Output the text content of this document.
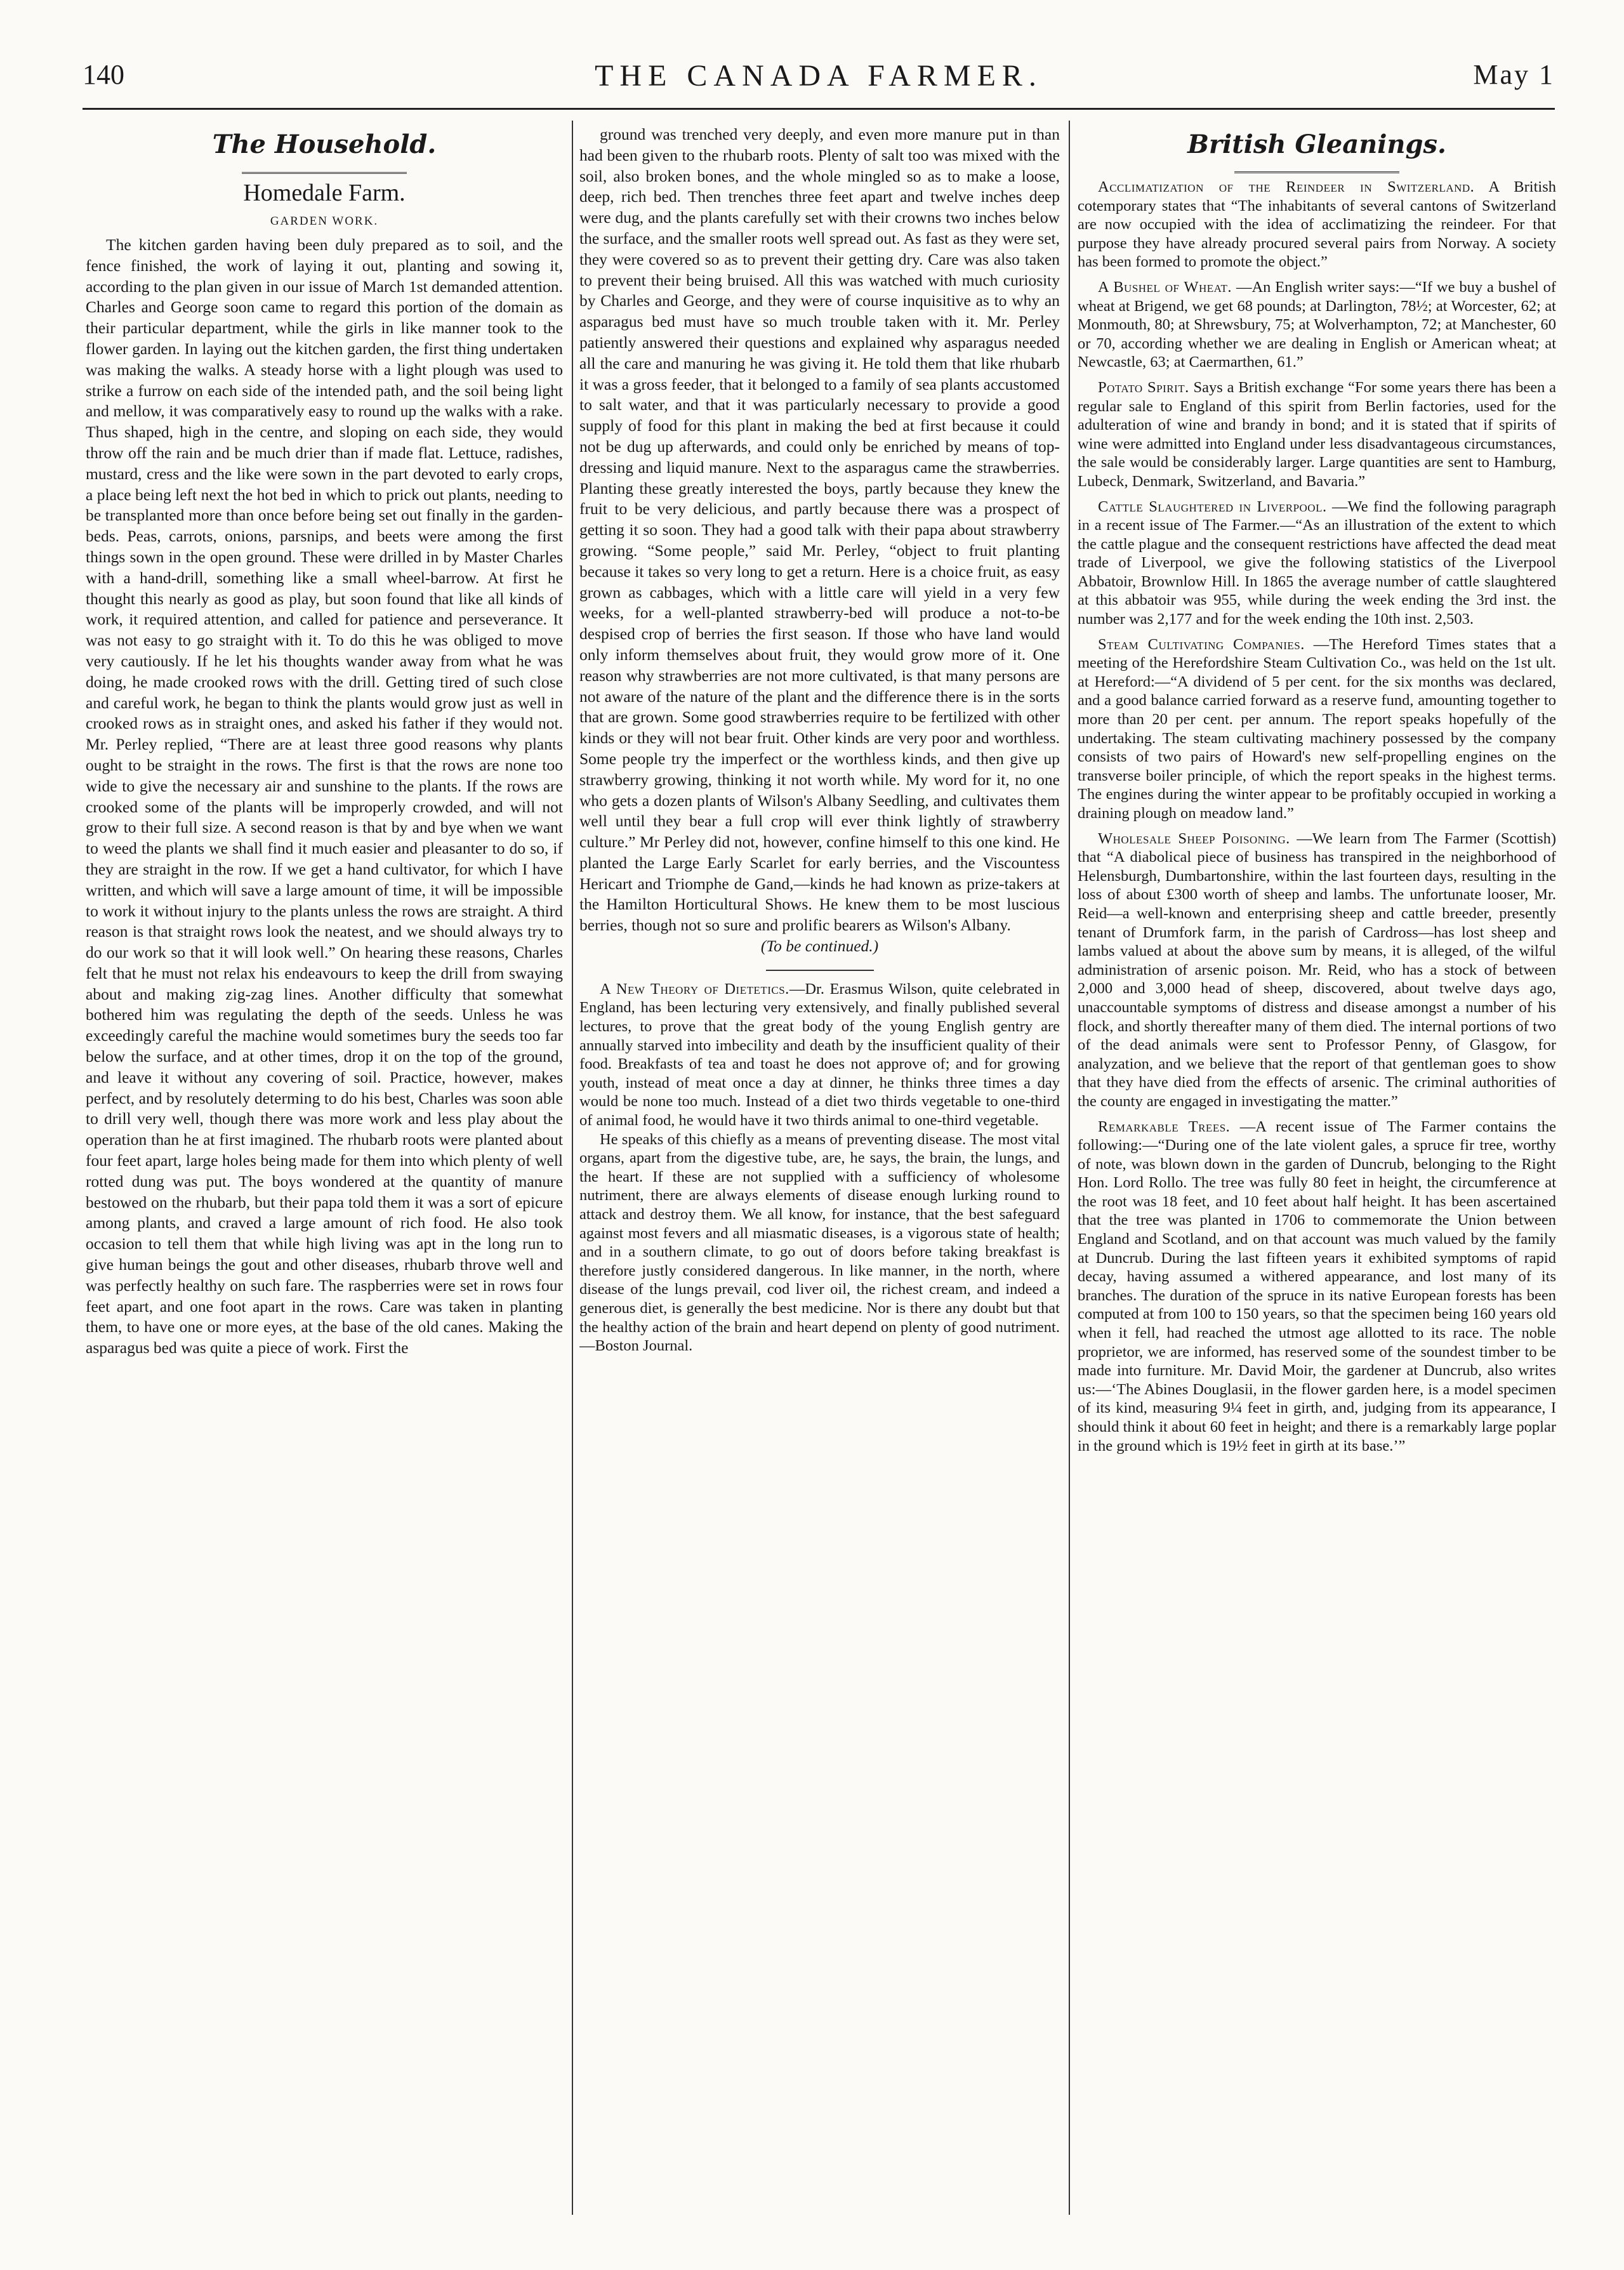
140	THE CANADA FARMER.	May 1
The Household.
Homedale Farm.
GARDEN WORK.

The kitchen garden having been duly prepared as to soil, and the fence finished, the work of laying it out, planting and sowing it, according to the plan given in our issue of March 1st demanded attention. Charles and George soon came to regard this portion of the domain as their particular department, while the girls in like manner took to the flower garden. In laying out the kitchen garden, the first thing undertaken was making the walks. A steady horse with a light plough was used to strike a furrow on each side of the intended path, and the soil being light and mellow, it was comparatively easy to round up the walks with a rake. Thus shaped, high in the centre, and sloping on each side, they would throw off the rain and be much drier than if made flat. Lettuce, radishes, mustard, cress and the like were sown in the part devoted to early crops, a place being left next the hot bed in which to prick out plants, needing to be transplanted more than once before being set out finally in the garden-beds. Peas, carrots, onions, parsnips, and beets were among the first things sown in the open ground. These were drilled in by Master Charles with a hand-drill, something like a small wheel-barrow. At first he thought this nearly as good as play, but soon found that like all kinds of work, it required attention, and called for patience and perseverance. It was not easy to go straight with it. To do this he was obliged to move very cautiously. If he let his thoughts wander away from what he was doing, he made crooked rows with the drill. Getting tired of such close and careful work, he began to think the plants would grow just as well in crooked rows as in straight ones, and asked his father if they would not. Mr. Perley replied, “There are at least three good reasons why plants ought to be straight in the rows. The first is that the rows are none too wide to give the necessary air and sunshine to the plants. If the rows are crooked some of the plants will be improperly crowded, and will not grow to their full size. A second reason is that by and bye when we want to weed the plants we shall find it much easier and pleasanter to do so, if they are straight in the row. If we get a hand cultivator, for which I have written, and which will save a large amount of time, it will be impossible to work it without injury to the plants unless the rows are straight. A third reason is that straight rows look the neatest, and we should always try to do our work so that it will look well.” On hearing these reasons, Charles felt that he must not relax his endeavours to keep the drill from swaying about and making zig-zag lines. Another difficulty that somewhat bothered him was regulating the depth of the seeds. Unless he was exceedingly careful the machine would sometimes bury the seeds too far below the surface, and at other times, drop it on the top of the ground, and leave it without any covering of soil. Practice, however, makes perfect, and by resolutely determing to do his best, Charles was soon able to drill very well, though there was more work and less play about the operation than he at first imagined. The rhubarb roots were planted about four feet apart, large holes being made for them into which plenty of well rotted dung was put. The boys wondered at the quantity of manure bestowed on the rhubarb, but their papa told them it was a sort of epicure among plants, and craved a large amount of rich food. He also took occasion to tell them that while high living was apt in the long run to give human beings the gout and other diseases, rhubarb throve well and was perfectly healthy on such fare. The raspberries were set in rows four feet apart, and one foot apart in the rows. Care was taken in planting them, to have one or more eyes, at the base of the old canes. Making the asparagus bed was quite a piece of work. First the

ground was trenched very deeply, and even more manure put in than had been given to the rhubarb roots. Plenty of salt too was mixed with the soil, also broken bones, and the whole mingled so as to make a loose, deep, rich bed. Then trenches three feet apart and twelve inches deep were dug, and the plants carefully set with their crowns two inches below the surface, and the smaller roots well spread out. As fast as they were set, they were covered so as to prevent their getting dry. Care was also taken to prevent their being bruised. All this was watched with much curiosity by Charles and George, and they were of course inquisitive as to why an asparagus bed must have so much trouble taken with it. Mr. Perley patiently answered their questions and explained why asparagus needed all the care and manuring he was giving it. He told them that like rhubarb it was a gross feeder, that it belonged to a family of sea plants accustomed to salt water, and that it was particularly necessary to provide a good supply of food for this plant in making the bed at first because it could not be dug up afterwards, and could only be enriched by means of top-dressing and liquid manure. Next to the asparagus came the strawberries. Planting these greatly interested the boys, partly because they knew the fruit to be very delicious, and partly because there was a prospect of getting it so soon. They had a good talk with their papa about strawberry growing. “Some people,” said Mr. Perley, “object to fruit planting because it takes so very long to get a return. Here is a choice fruit, as easy grown as cabbages, which with a little care will yield in a very few weeks, for a well-planted strawberry-bed will produce a not-to-be despised crop of berries the first season. If those who have land would only inform themselves about fruit, they would grow more of it. One reason why strawberries are not more cultivated, is that many persons are not aware of the nature of the plant and the difference there is in the sorts that are grown. Some good strawberries require to be fertilized with other kinds or they will not bear fruit. Other kinds are very poor and worthless. Some people try the imperfect or the worthless kinds, and then give up strawberry growing, thinking it not worth while. My word for it, no one who gets a dozen plants of Wilson's Albany Seedling, and cultivates them well until they bear a full crop will ever think lightly of strawberry culture.” Mr Perley did not, however, confine himself to this one kind. He planted the Large Early Scarlet for early berries, and the Viscountess Hericart and Triomphe de Gand,—kinds he had known as prize-takers at the Hamilton Horticultural Shows. He knew them to be most luscious berries, though not so sure and prolific bearers as Wilson's Albany.

(To be continued.)

A New Theory of Dietetics.—Dr. Erasmus Wilson, quite celebrated in England, has been lecturing very extensively, and finally published several lectures, to prove that the great body of the young English gentry are annually starved into imbecility and death by the insufficient quality of their food. Breakfasts of tea and toast he does not approve of; and for growing youth, instead of meat once a day at dinner, he thinks three times a day would be none too much. Instead of a diet two thirds vegetable to one-third of animal food, he would have it two thirds animal to one-third vegetable.

He speaks of this chiefly as a means of preventing disease. The most vital organs, apart from the digestive tube, are, he says, the brain, the lungs, and the heart. If these are not supplied with a sufficiency of wholesome nutriment, there are always elements of disease enough lurking round to attack and destroy them. We all know, for instance, that the best safeguard against most fevers and all miasmatic diseases, is a vigorous state of health; and in a southern climate, to go out of doors before taking breakfast is therefore justly considered dangerous. In like manner, in the north, where disease of the lungs prevail, cod liver oil, the richest cream, and indeed a generous diet, is generally the best medicine. Nor is there any doubt but that the healthy action of the brain and heart depend on plenty of good nutriment.—Boston Journal.

British Gleanings.

Acclimatization of the Reindeer in Switzerland. A British cotemporary states that “The inhabitants of several cantons of Switzerland are now occupied with the idea of acclimatizing the reindeer. For that purpose they have already procured several pairs from Norway. A society has been formed to promote the object.”

A Bushel of Wheat. —An English writer says:—“If we buy a bushel of wheat at Brigend, we get 68 pounds; at Darlington, 78½; at Worcester, 62; at Monmouth, 80; at Shrewsbury, 75; at Wolverhampton, 72; at Manchester, 60 or 70, according whether we are dealing in English or American wheat; at Newcastle, 63; at Caermarthen, 61.”

Potato Spirit. Says a British exchange “For some years there has been a regular sale to England of this spirit from Berlin factories, used for the adulteration of wine and brandy in bond; and it is stated that if spirits of wine were admitted into England under less disadvantageous circumstances, the sale would be considerably larger. Large quantities are sent to Hamburg, Lubeck, Denmark, Switzerland, and Bavaria.”

Cattle Slaughtered in Liverpool. —We find the following paragraph in a recent issue of The Farmer.—“As an illustration of the extent to which the cattle plague and the consequent restrictions have affected the dead meat trade of Liverpool, we give the following statistics of the Liverpool Abbatoir, Brownlow Hill. In 1865 the average number of cattle slaughtered at this abbatoir was 955, while during the week ending the 3rd inst. the number was 2,177 and for the week ending the 10th inst. 2,503.

Steam Cultivating Companies. —The Hereford Times states that a meeting of the Herefordshire Steam Cultivation Co., was held on the 1st ult. at Hereford:—“A dividend of 5 per cent. for the six months was declared, and a good balance carried forward as a reserve fund, amounting together to more than 20 per cent. per annum. The report speaks hopefully of the undertaking. The steam cultivating machinery possessed by the company consists of two pairs of Howard's new self-propelling engines on the transverse boiler principle, of which the report speaks in the highest terms. The engines during the winter appear to be profitably occupied in working a draining plough on meadow land.”

Wholesale Sheep Poisoning. —We learn from The Farmer (Scottish) that “A diabolical piece of business has transpired in the neighborhood of Helensburgh, Dumbartonshire, within the last fourteen days, resulting in the loss of about £300 worth of sheep and lambs. The unfortunate looser, Mr. Reid—a well-known and enterprising sheep and cattle breeder, presently tenant of Drumfork farm, in the parish of Cardross—has lost sheep and lambs valued at about the above sum by means, it is alleged, of the wilful administration of arsenic poison. Mr. Reid, who has a stock of between 2,000 and 3,000 head of sheep, discovered, about twelve days ago, unaccountable symptoms of distress and disease amongst a number of his flock, and shortly thereafter many of them died. The internal portions of two of the dead animals were sent to Professor Penny, of Glasgow, for analyzation, and we believe that the report of that gentleman goes to show that they have died from the effects of arsenic. The criminal authorities of the county are engaged in investigating the matter.”

Remarkable Trees. —A recent issue of The Farmer contains the following:—“During one of the late violent gales, a spruce fir tree, worthy of note, was blown down in the garden of Duncrub, belonging to the Right Hon. Lord Rollo. The tree was fully 80 feet in height, the circumference at the root was 18 feet, and 10 feet about half height. It has been ascertained that the tree was planted in 1706 to commemorate the Union between England and Scotland, and on that account was much valued by the family at Duncrub. During the last fifteen years it exhibited symptoms of rapid decay, having assumed a withered appearance, and lost many of its branches. The duration of the spruce in its native European forests has been computed at from 100 to 150 years, so that the specimen being 160 years old when it fell, had reached the utmost age allotted to its race. The noble proprietor, we are informed, has reserved some of the soundest timber to be made into furniture. Mr. David Moir, the gardener at Duncrub, also writes us:—‘The Abines Douglasii, in the flower garden here, is a model specimen of its kind, measuring 9¼ feet in girth, and, judging from its appearance, I should think it about 60 feet in height; and there is a remarkably large poplar in the ground which is 19½ feet in girth at its base.’”
